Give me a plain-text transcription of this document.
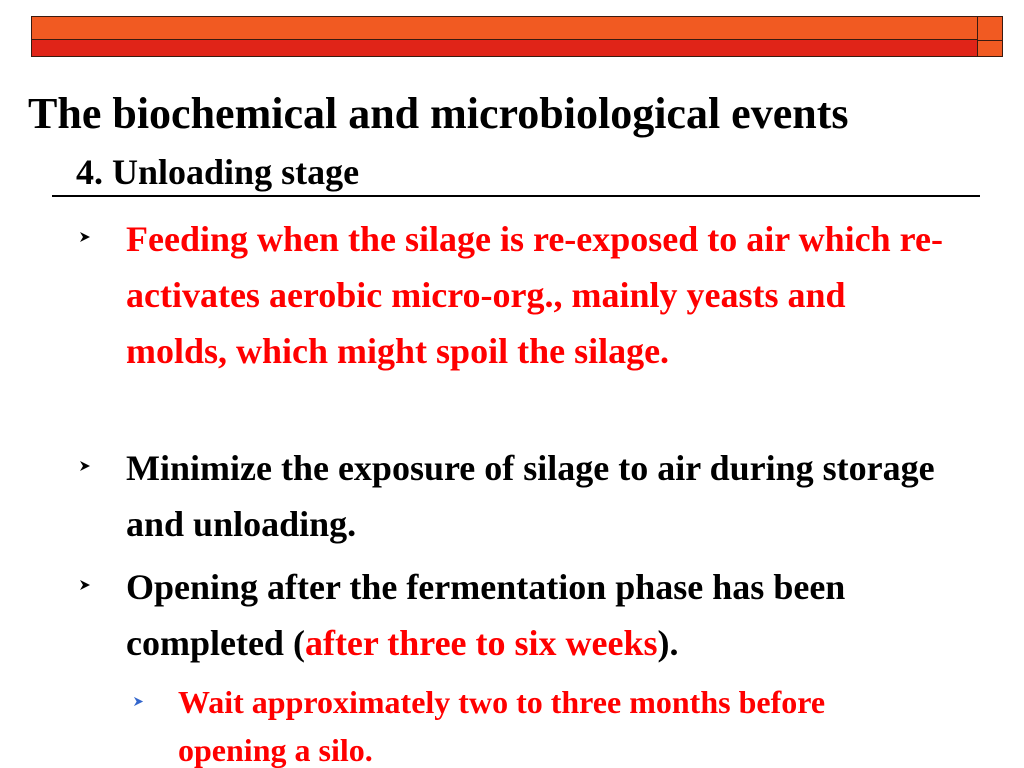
The biochemical and microbiological events
4. Unloading stage
Feeding when the silage is re-exposed to air which re-activates aerobic micro-org., mainly yeasts and molds, which might spoil the silage.
Minimize the exposure of silage to air during storage and unloading.
Opening after the fermentation phase has been completed (after three to six weeks).
Wait approximately two to three months before opening a silo.
